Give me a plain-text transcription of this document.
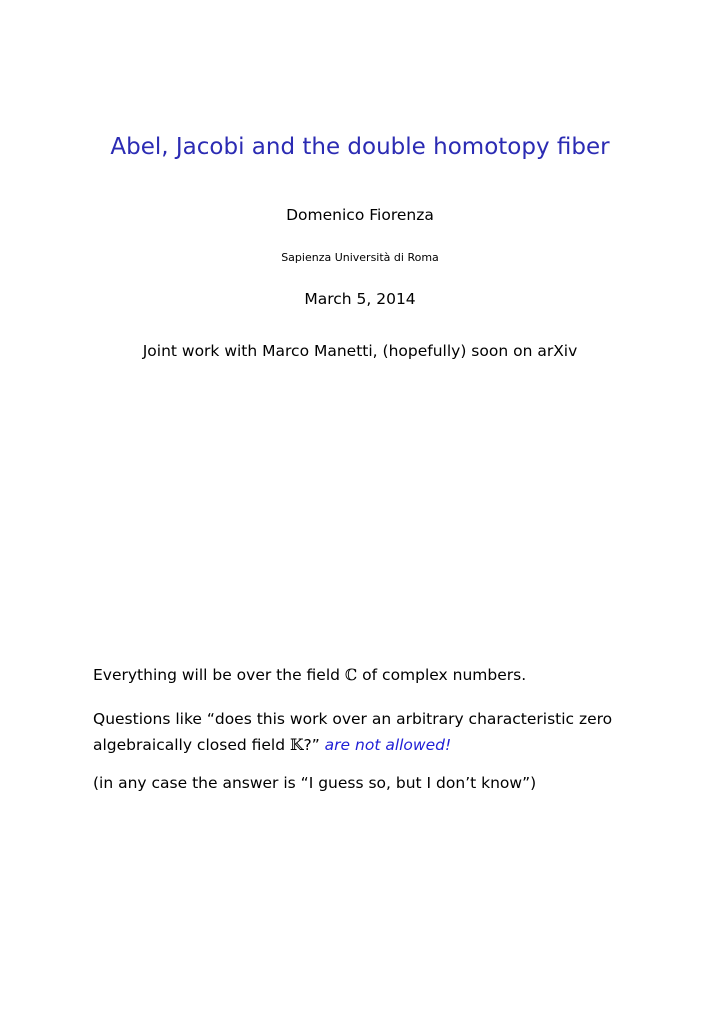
Abel, Jacobi and the double homotopy fiber
Domenico Fiorenza
Sapienza Università di Roma
March 5, 2014
Joint work with Marco Manetti, (hopefully) soon on arXiv
Everything will be over the field ℂ of complex numbers.
Questions like “does this work over an arbitrary characteristic zero
algebraically closed field 𝕂?” are not allowed!
(in any case the answer is “I guess so, but I don’t know”)
